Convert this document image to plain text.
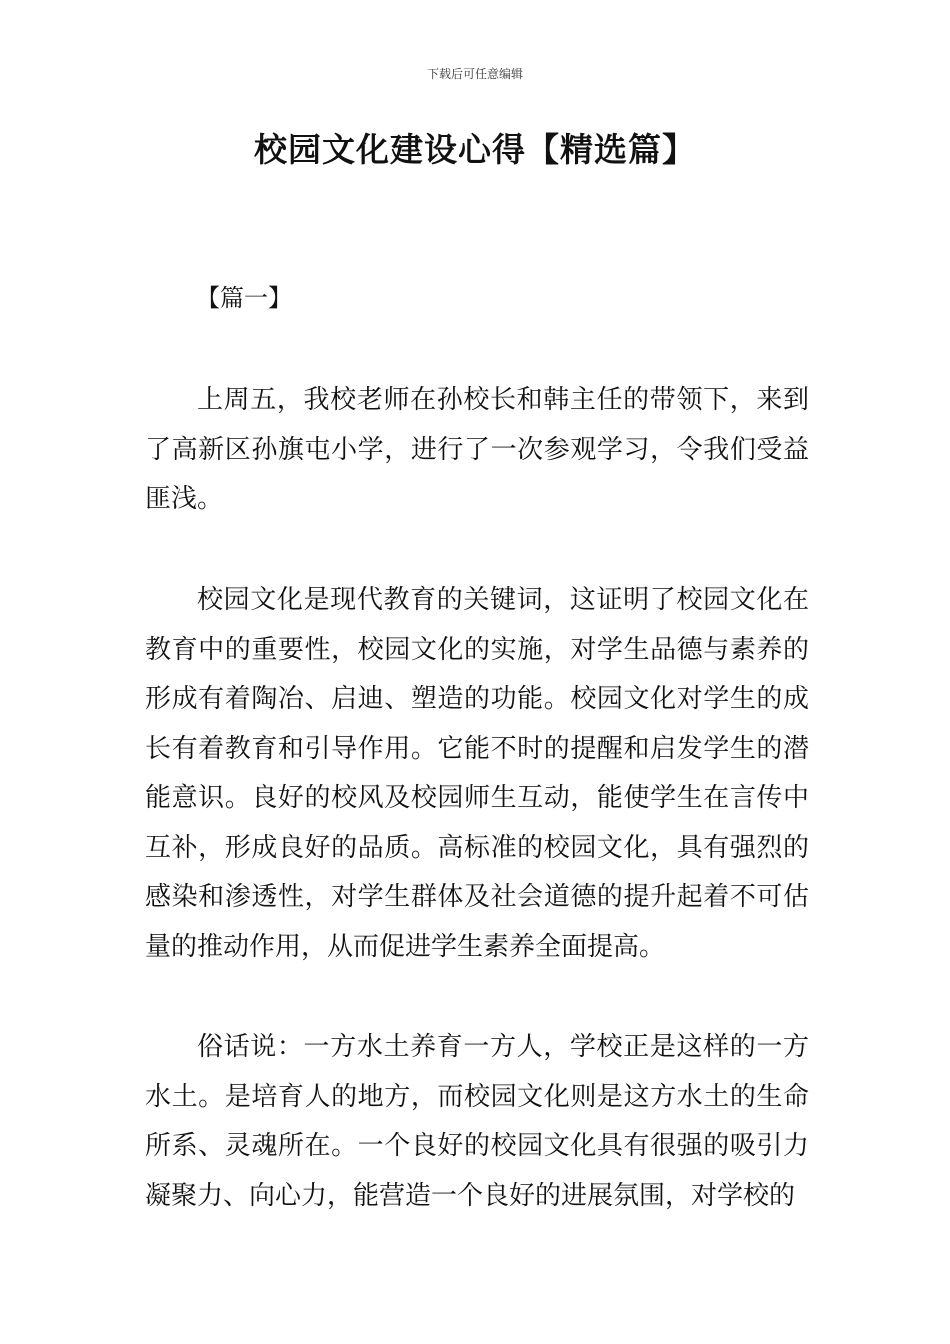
下载后可任意编辑
校园文化建设心得【精选篇】
【篇一】

上周五，我校老师在孙校长和韩主任的带领下，来到了高新区孙旗屯小学，进行了一次参观学习，令我们受益匪浅。

校园文化是现代教育的关键词，这证明了校园文化在教育中的重要性，校园文化的实施，对学生品德与素养的形成有着陶冶、启迪、塑造的功能。校园文化对学生的成长有着教育和引导作用。它能不时的提醒和启发学生的潜能意识。良好的校风及校园师生互动，能使学生在言传中互补，形成良好的品质。高标准的校园文化，具有强烈的感染和渗透性，对学生群体及社会道德的提升起着不可估量的推动作用，从而促进学生素养全面提高。

俗话说：一方水土养育一方人，学校正是这样的一方水土。是培育人的地方，而校园文化则是这方水土的生命所系、灵魂所在。一个良好的校园文化具有很强的吸引力凝聚力、向心力，能营造一个良好的进展氛围，对学校的
